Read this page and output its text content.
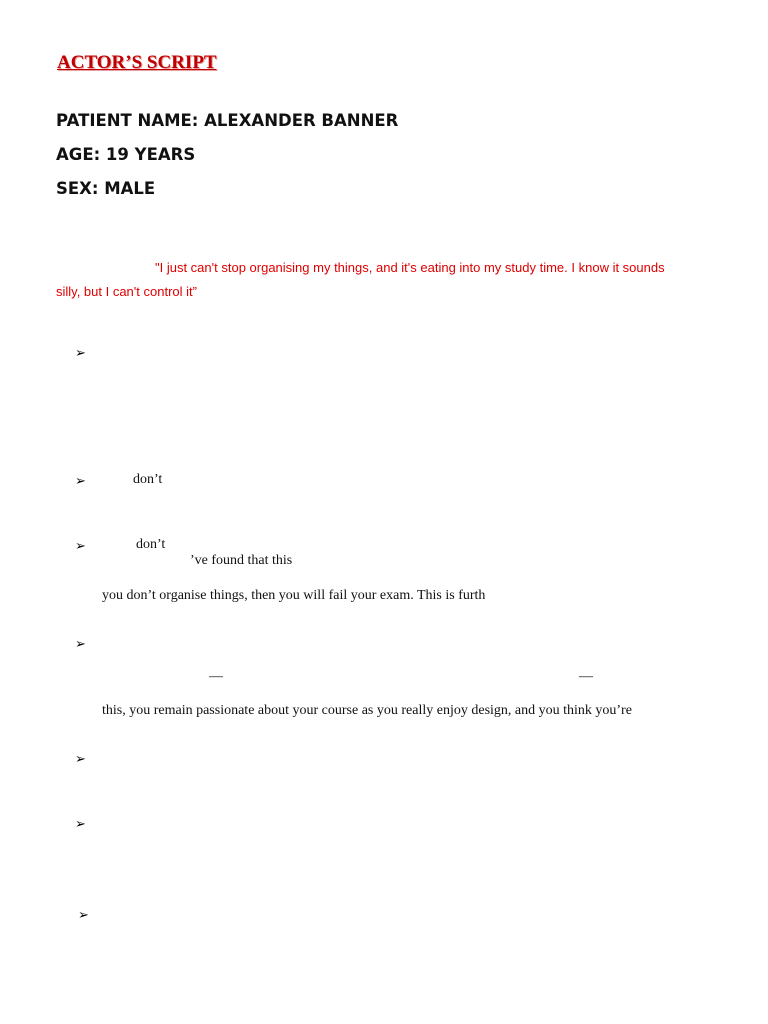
ACTOR’S SCRIPT
PATIENT NAME: ALEXANDER BANNER
AGE: 19 YEARS
SEX: MALE
"I just can't stop organising my things, and it's eating into my study time. I know it sounds
silly, but I can't control it”
➢
➢	don’t
➢	don’t
’ve found that this
you don’t organise things, then you will fail your exam. This is furth
➢
—	—
this, you remain passionate about your course as you really enjoy design, and you think you’re
➢
➢
➢
